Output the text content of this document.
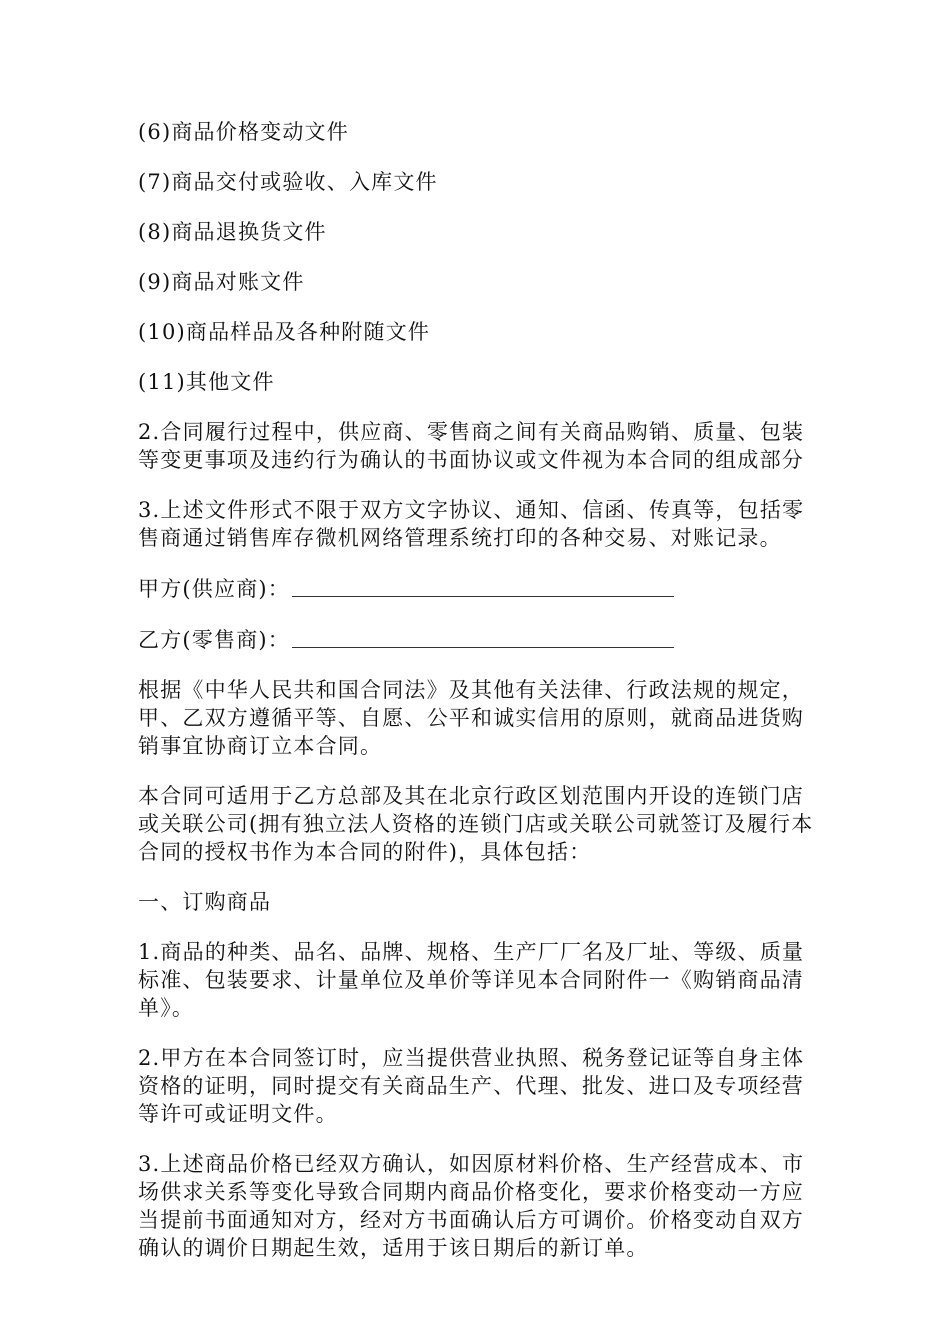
(6)商品价格变动文件

(7)商品交付或验收、入库文件

(8)商品退换货文件

(9)商品对账文件

(10)商品样品及各种附随文件

(11)其他文件

2.合同履行过程中，供应商、零售商之间有关商品购销、质量、包装等变更事项及违约行为确认的书面协议或文件视为本合同的组成部分

3.上述文件形式不限于双方文字协议、通知、信函、传真等，包括零售商通过销售库存微机网络管理系统打印的各种交易、对账记录。

甲方(供应商)：
乙方(零售商)：

根据《中华人民共和国合同法》及其他有关法律、行政法规的规定，甲、乙双方遵循平等、自愿、公平和诚实信用的原则，就商品进货购销事宜协商订立本合同。

本合同可适用于乙方总部及其在北京行政区划范围内开设的连锁门店或关联公司(拥有独立法人资格的连锁门店或关联公司就签订及履行本合同的授权书作为本合同的附件)，具体包括：

一、订购商品

1.商品的种类、品名、品牌、规格、生产厂厂名及厂址、等级、质量标准、包装要求、计量单位及单价等详见本合同附件一《购销商品清单》。

2.甲方在本合同签订时，应当提供营业执照、税务登记证等自身主体资格的证明，同时提交有关商品生产、代理、批发、进口及专项经营等许可或证明文件。

3.上述商品价格已经双方确认，如因原材料价格、生产经营成本、市场供求关系等变化导致合同期内商品价格变化，要求价格变动一方应当提前书面通知对方，经对方书面确认后方可调价。价格变动自双方确认的调价日期起生效，适用于该日期后的新订单。
